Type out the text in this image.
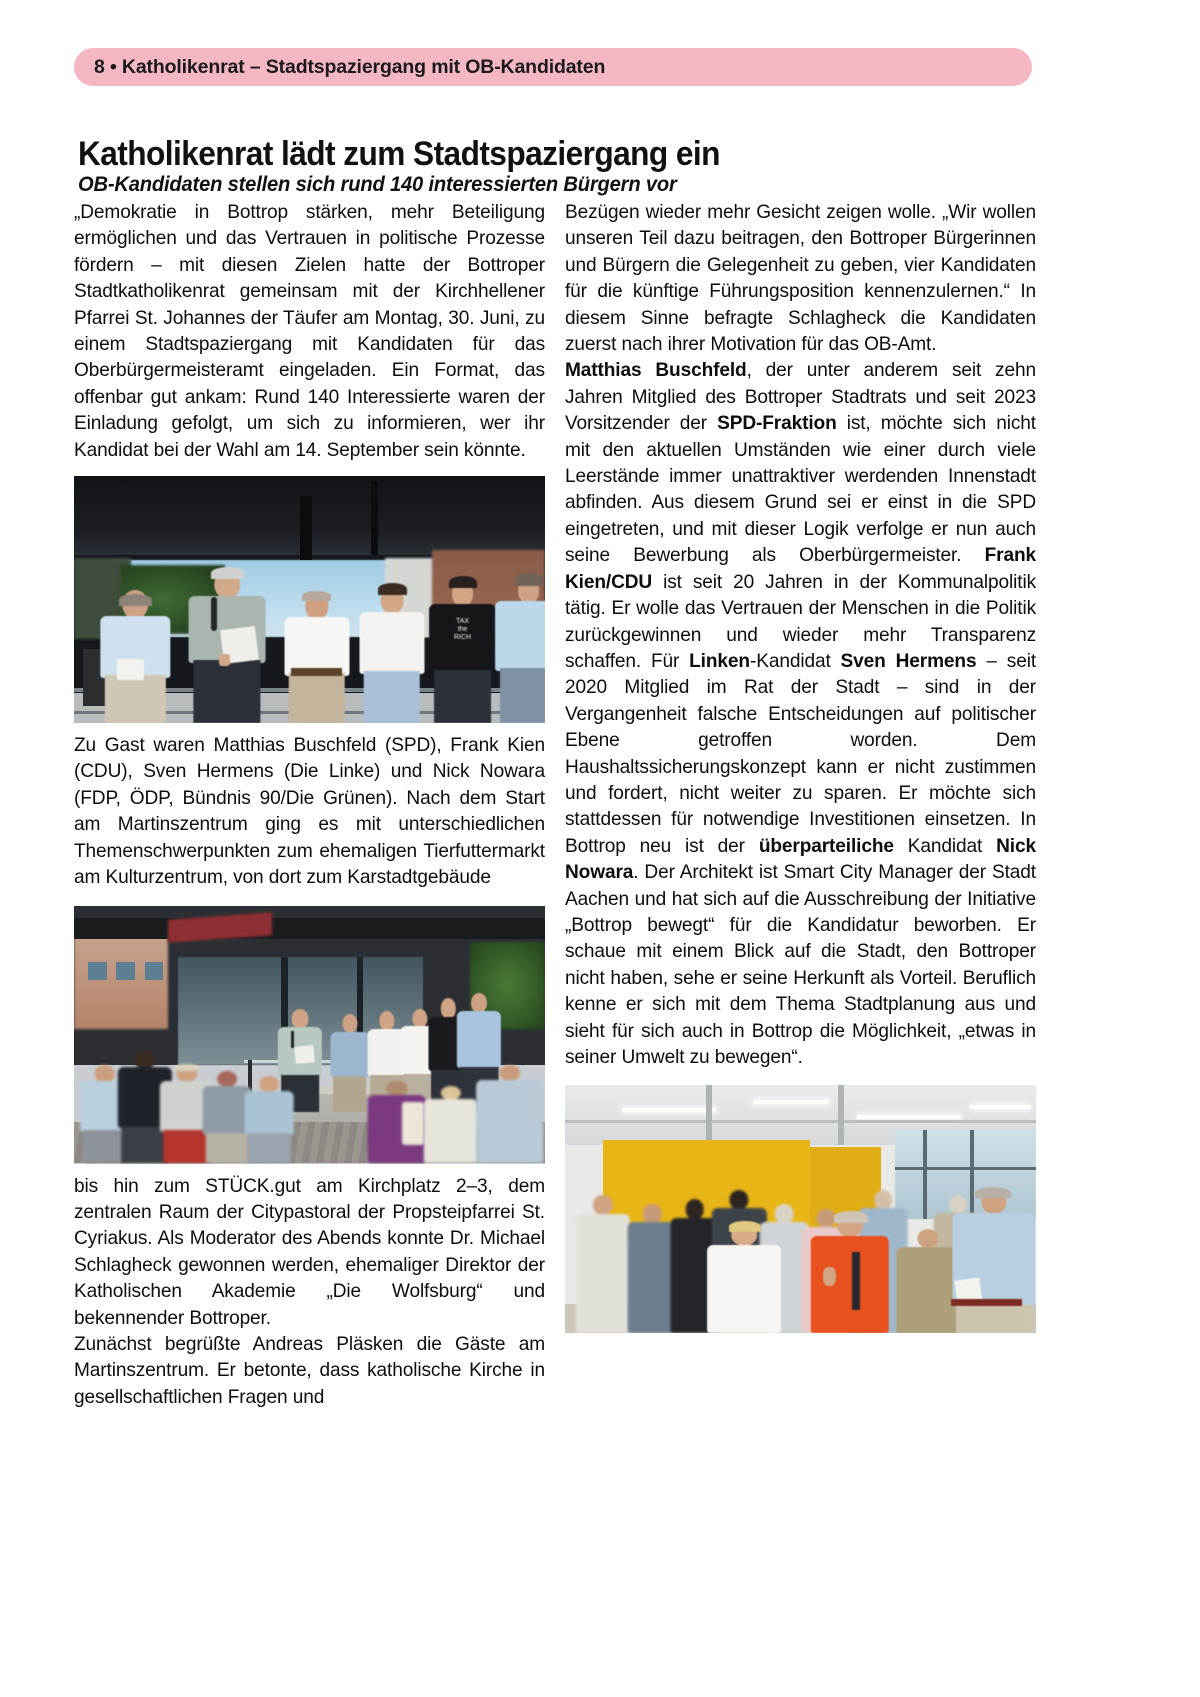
8 • Katholikenrat – Stadtspaziergang mit OB-Kandidaten
Katholikenrat lädt zum Stadtspaziergang ein
OB-Kandidaten stellen sich rund 140 interessierten Bürgern vor

„Demokratie in Bottrop stärken, mehr Beteiligung ermöglichen und das Vertrauen in politische Prozesse fördern – mit diesen Zielen hatte der Bottroper Stadtkatholikenrat gemeinsam mit der Kirchhellener Pfarrei St. Johannes der Täufer am Montag, 30. Juni, zu einem Stadtspaziergang mit Kandidaten für das Oberbürgermeisteramt eingeladen. Ein Format, das offenbar gut ankam: Rund 140 Interessierte waren der Einladung gefolgt, um sich zu informieren, wer ihr Kandidat bei der Wahl am 14. September sein könnte.

TAX
the
RICH

Zu Gast waren Matthias Buschfeld (SPD), Frank Kien (CDU), Sven Hermens (Die Linke) und Nick Nowara (FDP, ÖDP, Bündnis 90/Die Grünen). Nach dem Start am Martinszentrum ging es mit unterschiedlichen Themenschwerpunkten zum ehemaligen Tierfuttermarkt am Kulturzentrum, von dort zum Karstadtgebäude

bis hin zum STÜCK.gut am Kirchplatz 2–3, dem zentralen Raum der Citypastoral der Propsteipfarrei St. Cyriakus. Als Moderator des Abends konnte Dr. Michael Schlagheck gewonnen werden, ehemaliger Direktor der Katholischen Akademie „Die Wolfsburg“ und bekennender Bottroper.

Zunächst begrüßte Andreas Pläsken die Gäste am Martinszentrum. Er betonte, dass katholische Kirche in gesellschaftlichen Fragen und

Bezügen wieder mehr Gesicht zeigen wolle. „Wir wollen unseren Teil dazu beitragen, den Bottroper Bürgerinnen und Bürgern die Gelegenheit zu geben, vier Kandidaten für die künftige Führungsposition kennenzulernen.“ In diesem Sinne befragte Schlagheck die Kandidaten zuerst nach ihrer Motivation für das OB-Amt.

Matthias Buschfeld, der unter anderem seit zehn Jahren Mitglied des Bottroper Stadtrats und seit 2023 Vorsitzender der SPD-Fraktion ist, möchte sich nicht mit den aktuellen Umständen wie einer durch viele Leerstände immer unattraktiver werdenden Innenstadt abfinden. Aus diesem Grund sei er einst in die SPD eingetreten, und mit dieser Logik verfolge er nun auch seine Bewerbung als Oberbürgermeister. Frank Kien/CDU ist seit 20 Jahren in der Kommunalpolitik tätig. Er wolle das Vertrauen der Menschen in die Politik zurückgewinnen und wieder mehr Transparenz schaffen. Für Linken-Kandidat Sven Hermens – seit 2020 Mitglied im Rat der Stadt – sind in der Vergangenheit falsche Entscheidungen auf politischer Ebene getroffen worden. Dem Haushaltssicherungskonzept kann er nicht zustimmen und fordert, nicht weiter zu sparen. Er möchte sich stattdessen für notwendige Investitionen einsetzen. In Bottrop neu ist der überparteiliche Kandidat Nick Nowara. Der Architekt ist Smart City Manager der Stadt Aachen und hat sich auf die Ausschreibung der Initiative „Bottrop bewegt“ für die Kandidatur beworben. Er schaue mit einem Blick auf die Stadt, den Bottroper nicht haben, sehe er seine Herkunft als Vorteil. Beruflich kenne er sich mit dem Thema Stadtplanung aus und sieht für sich auch in Bottrop die Möglichkeit, „etwas in seiner Umwelt zu bewegen“.
